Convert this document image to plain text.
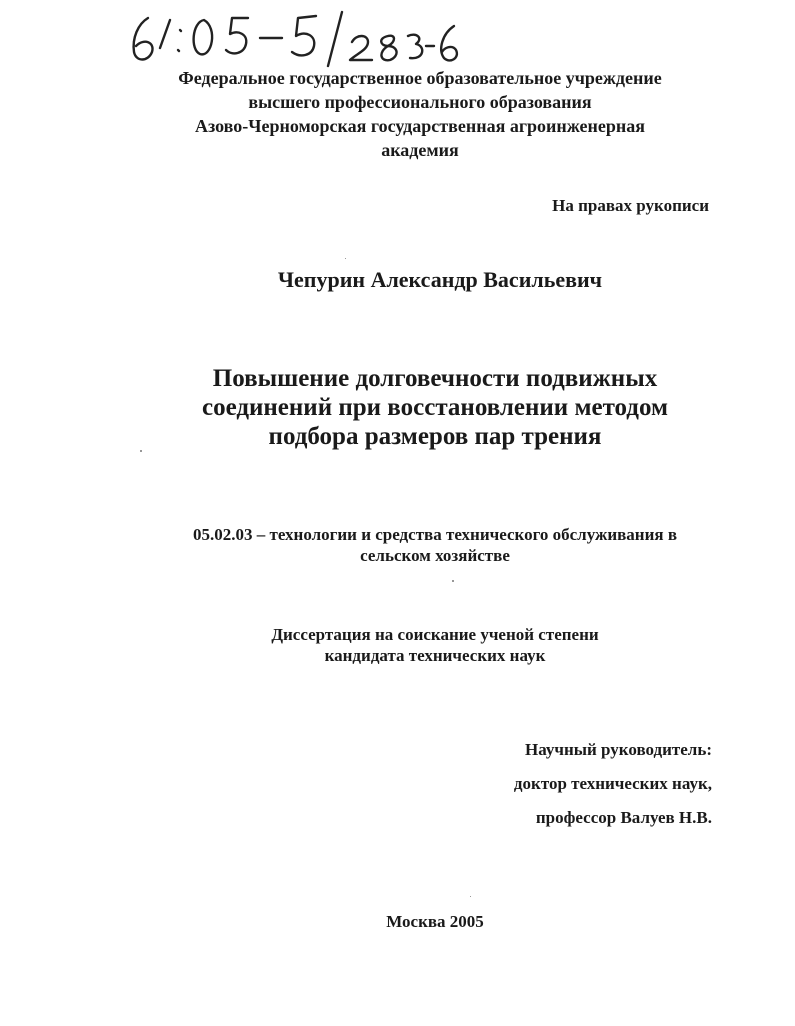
Федеральное государственное образовательное учреждение
высшего профессионального образования
Азово-Черноморская государственная агроинженерная
академия
На правах рукописи
Чепурин Александр Васильевич
Повышение долговечности подвижных
соединений при восстановлении методом
подбора размеров пар трения
05.02.03 – технологии и средства технического обслуживания в
сельском хозяйстве
Диссертация на соискание ученой степени
кандидата технических наук
Научный руководитель:
доктор технических наук,
профессор Валуев Н.В.
Москва 2005
